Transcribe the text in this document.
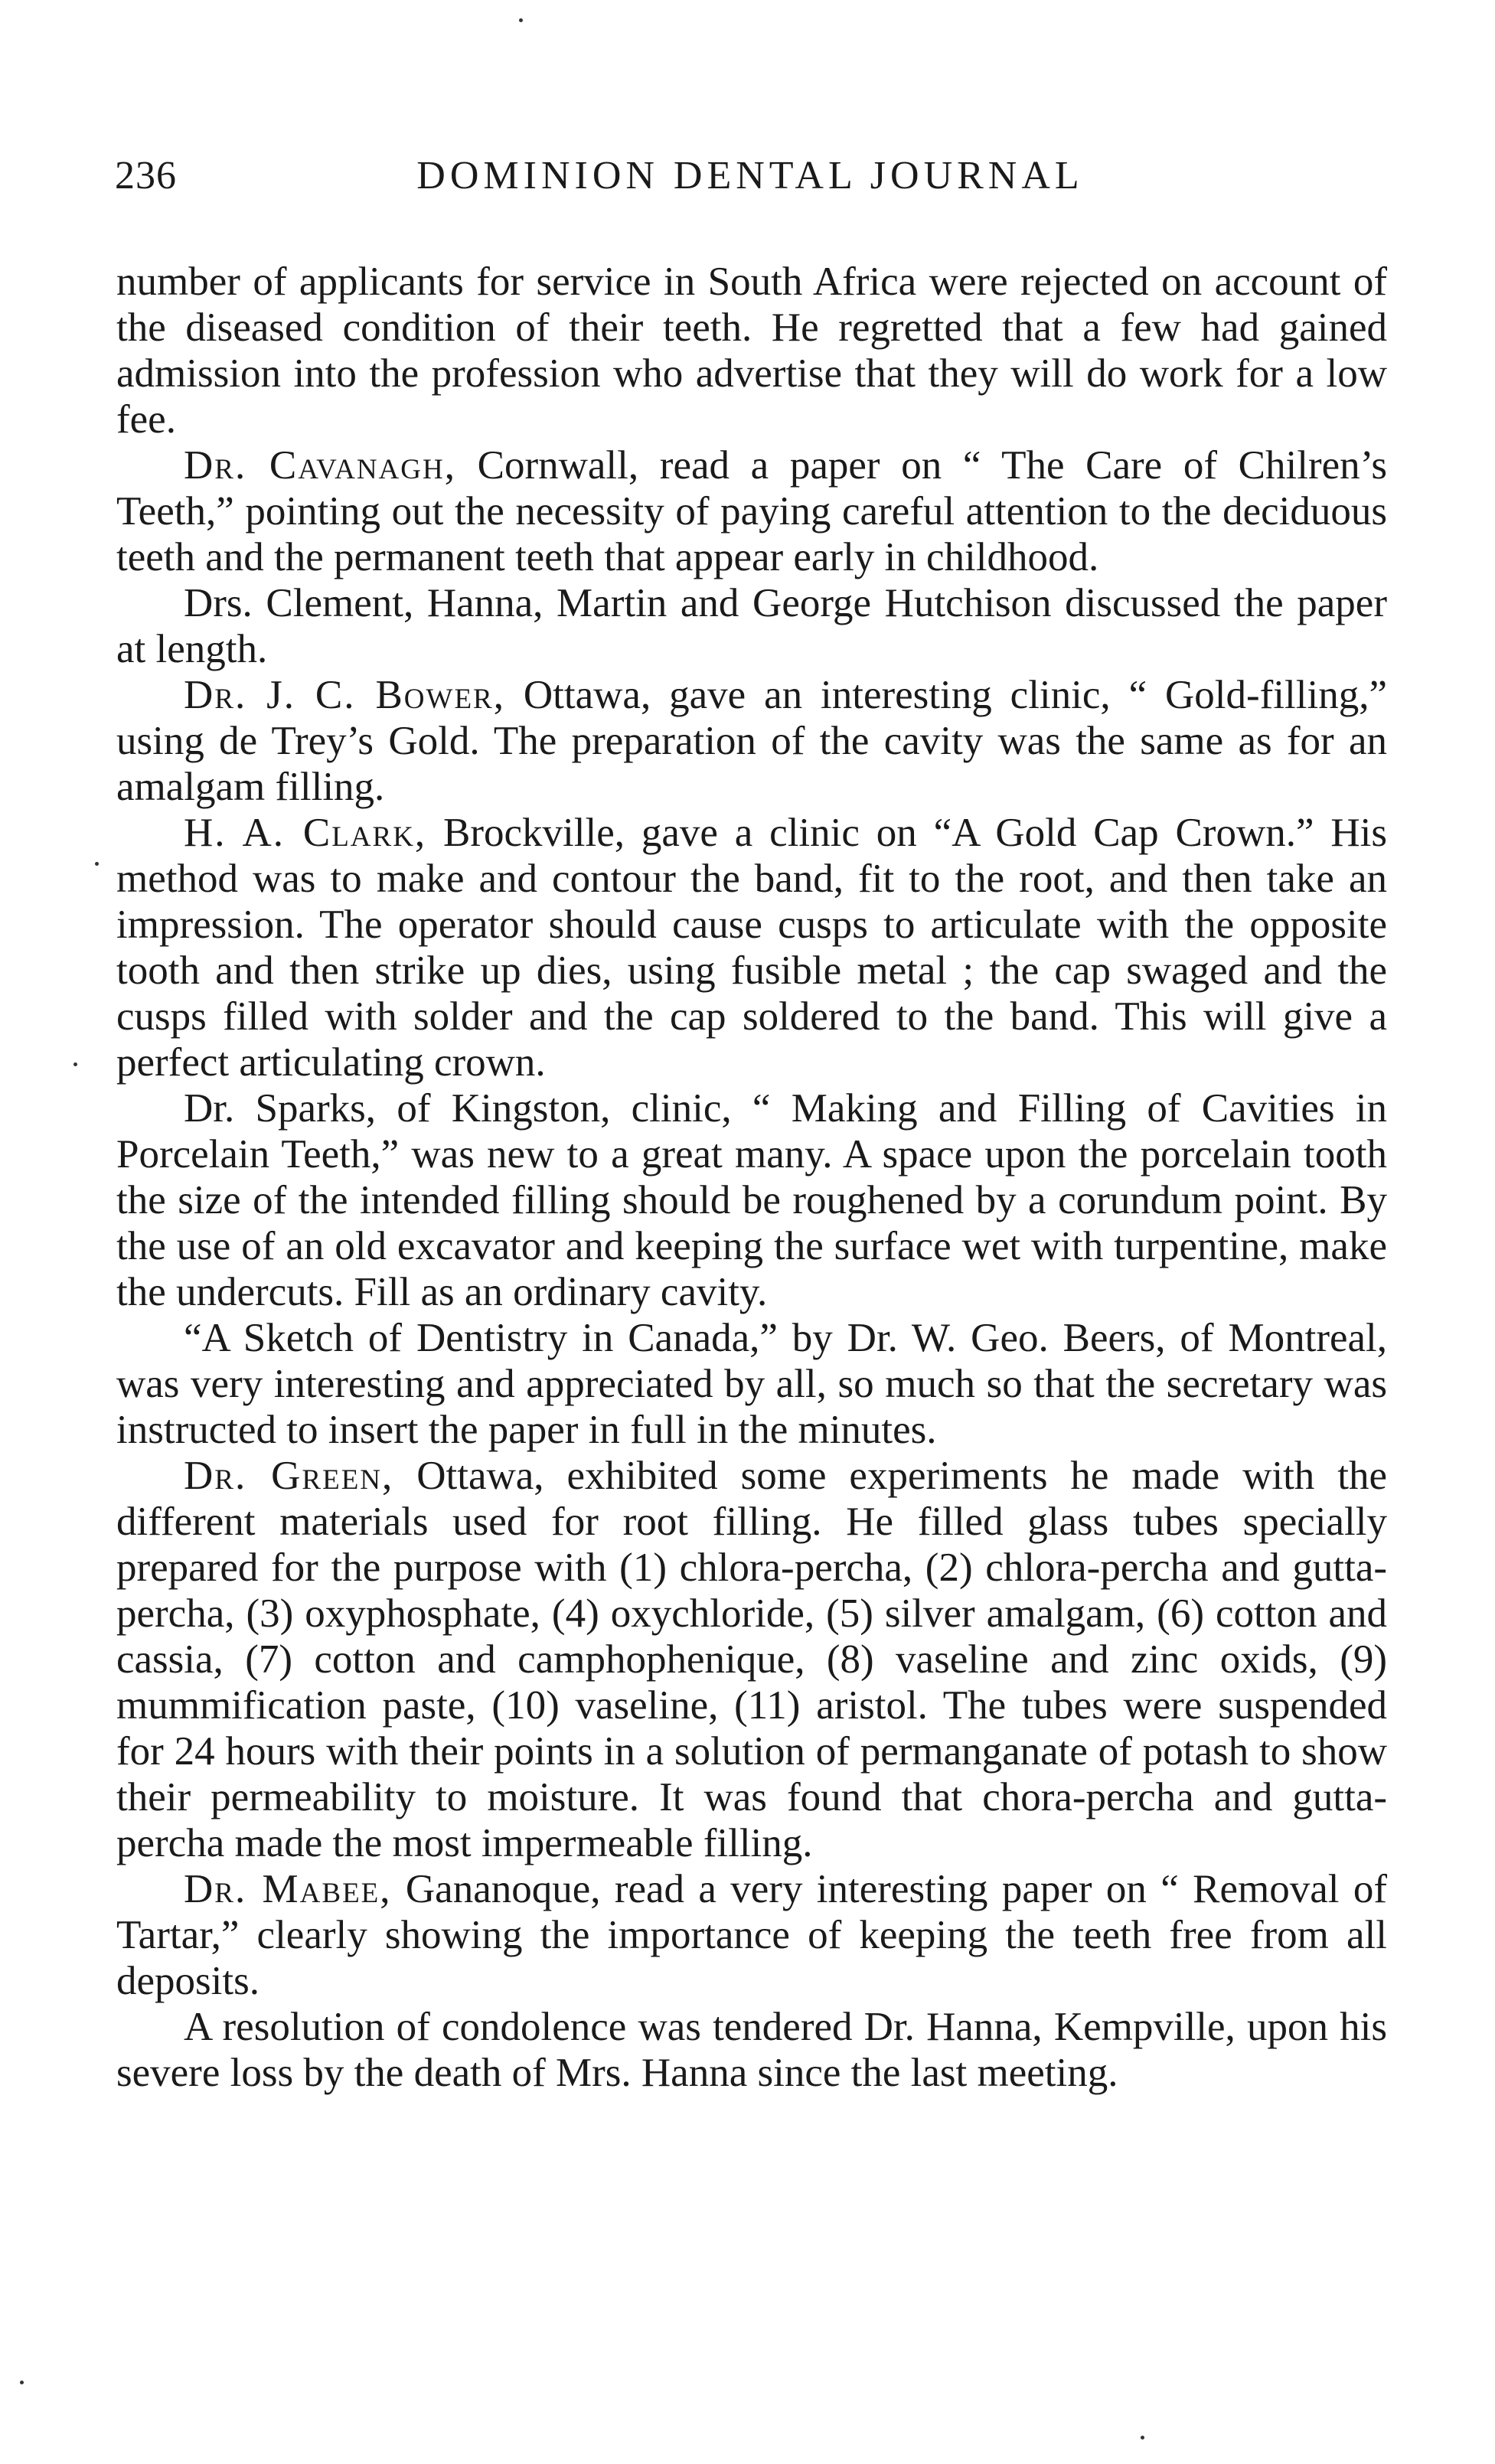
236	DOMINION DENTAL JOURNAL

number of applicants for service in South Africa were rejected on account of the diseased condition of their teeth. He regretted that a few had gained admission into the profession who advertise that they will do work for a low fee.

Dr. Cavanagh, Cornwall, read a paper on “ The Care of Chilren’s Teeth,” pointing out the necessity of paying careful attention to the deciduous teeth and the permanent teeth that appear early in childhood.

Drs. Clement, Hanna, Martin and George Hutchison discussed the paper at length.

Dr. J. C. Bower, Ottawa, gave an interesting clinic, “ Gold-filling,” using de Trey’s Gold. The preparation of the cavity was the same as for an amalgam filling.

H. A. Clark, Brockville, gave a clinic on “A Gold Cap Crown.” His method was to make and contour the band, fit to the root, and then take an impression. The operator should cause cusps to articulate with the opposite tooth and then strike up dies, using fusible metal ; the cap swaged and the cusps filled with solder and the cap soldered to the band. This will give a perfect articulating crown.

Dr. Sparks, of Kingston, clinic, “ Making and Filling of Cavities in Porcelain Teeth,” was new to a great many. A space upon the porcelain tooth the size of the intended filling should be roughened by a corundum point. By the use of an old excavator and keeping the surface wet with turpentine, make the undercuts. Fill as an ordinary cavity.

“A Sketch of Dentistry in Canada,” by Dr. W. Geo. Beers, of Montreal, was very interesting and appreciated by all, so much so that the secretary was instructed to insert the paper in full in the minutes.

Dr. Green, Ottawa, exhibited some experiments he made with the different materials used for root filling. He filled glass tubes specially prepared for the purpose with (1) chlora-percha, (2) chlora-percha and gutta-percha, (3) oxyphosphate, (4) oxychloride, (5) silver amalgam, (6) cotton and cassia, (7) cotton and camphophenique, (8) vaseline and zinc oxids, (9) mummification paste, (10) vaseline, (11) aristol. The tubes were suspended for 24 hours with their points in a solution of permanganate of potash to show their permeability to moisture. It was found that chora-percha and gutta-percha made the most impermeable filling.

Dr. Mabee, Gananoque, read a very interesting paper on “ Removal of Tartar,” clearly showing the importance of keeping the teeth free from all deposits.

A resolution of condolence was tendered Dr. Hanna, Kempville, upon his severe loss by the death of Mrs. Hanna since the last meeting.
